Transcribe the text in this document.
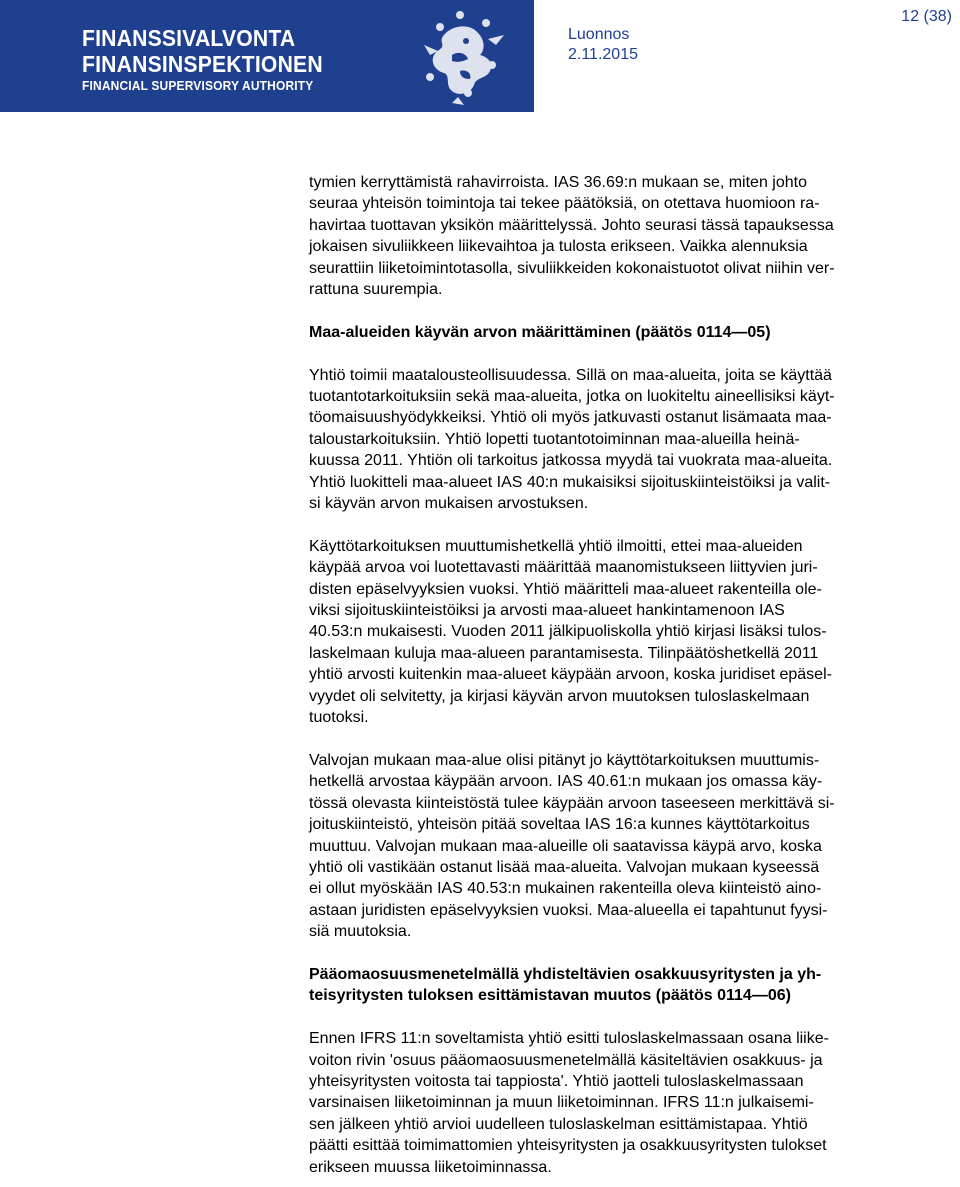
FINANSSIVALVONTA
FINANSINSPEKTIONEN
FINANCIAL SUPERVISORY AUTHORITY
Luonnos
2.11.2015
12 (38)

tymien kerryttämistä rahavirroista. IAS 36.69:n mukaan se, miten johto

seuraa yhteisön toimintoja tai tekee päätöksiä, on otettava huomioon ra-

havirtaa tuottavan yksikön määrittelyssä. Johto seurasi tässä tapauksessa

jokaisen sivuliikkeen liikevaihtoa ja tulosta erikseen. Vaikka alennuksia

seurattiin liiketoimintotasolla, sivuliikkeiden kokonaistuotot olivat niihin ver-

rattuna suurempia.

Maa-alueiden käyvän arvon määrittäminen (päätös 0114—05)

Yhtiö toimii maatalousteollisuudessa. Sillä on maa-alueita, joita se käyttää

tuotantotarkoituksiin sekä maa-alueita, jotka on luokiteltu aineellisiksi käyt-

töomaisuushyödykkeiksi. Yhtiö oli myös jatkuvasti ostanut lisämaata maa-

taloustarkoituksiin. Yhtiö lopetti tuotantotoiminnan maa-alueilla heinä-

kuussa 2011. Yhtiön oli tarkoitus jatkossa myydä tai vuokrata maa-alueita.

Yhtiö luokitteli maa-alueet IAS 40:n mukaisiksi sijoituskiinteistöiksi ja valit-

si käyvän arvon mukaisen arvostuksen.

Käyttötarkoituksen muuttumishetkellä yhtiö ilmoitti, ettei maa-alueiden

käypää arvoa voi luotettavasti määrittää maanomistukseen liittyvien juri-

disten epäselvyyksien vuoksi. Yhtiö määritteli maa-alueet rakenteilla ole-

viksi sijoituskiinteistöiksi ja arvosti maa-alueet hankintamenoon IAS

40.53:n mukaisesti. Vuoden 2011 jälkipuoliskolla yhtiö kirjasi lisäksi tulos-

laskelmaan kuluja maa-alueen parantamisesta. Tilinpäätöshetkellä 2011

yhtiö arvosti kuitenkin maa-alueet käypään arvoon, koska juridiset epäsel-

vyydet oli selvitetty, ja kirjasi käyvän arvon muutoksen tuloslaskelmaan

tuotoksi.

Valvojan mukaan maa-alue olisi pitänyt jo käyttötarkoituksen muuttumis-

hetkellä arvostaa käypään arvoon. IAS 40.61:n mukaan jos omassa käy-

tössä olevasta kiinteistöstä tulee käypään arvoon taseeseen merkittävä si-

joituskiinteistö, yhteisön pitää soveltaa IAS 16:a kunnes käyttötarkoitus

muuttuu. Valvojan mukaan maa-alueille oli saatavissa käypä arvo, koska

yhtiö oli vastikään ostanut lisää maa-alueita. Valvojan mukaan kyseessä

ei ollut myöskään IAS 40.53:n mukainen rakenteilla oleva kiinteistö aino-

astaan juridisten epäselvyyksien vuoksi. Maa-alueella ei tapahtunut fyysi-

siä muutoksia.

Pääomaosuusmenetelmällä yhdisteltävien osakkuusyritysten ja yh-

teisyritysten tuloksen esittämistavan muutos (päätös 0114—06)

Ennen IFRS 11:n soveltamista yhtiö esitti tuloslaskelmassaan osana liike-

voiton rivin 'osuus pääomaosuusmenetelmällä käsiteltävien osakkuus- ja

yhteisyritysten voitosta tai tappiosta'. Yhtiö jaotteli tuloslaskelmassaan

varsinaisen liiketoiminnan ja muun liiketoiminnan. IFRS 11:n julkaisemi-

sen jälkeen yhtiö arvioi uudelleen tuloslaskelman esittämistapaa. Yhtiö

päätti esittää toimimattomien yhteisyritysten ja osakkuusyritysten tulokset

erikseen muussa liiketoiminnassa.
